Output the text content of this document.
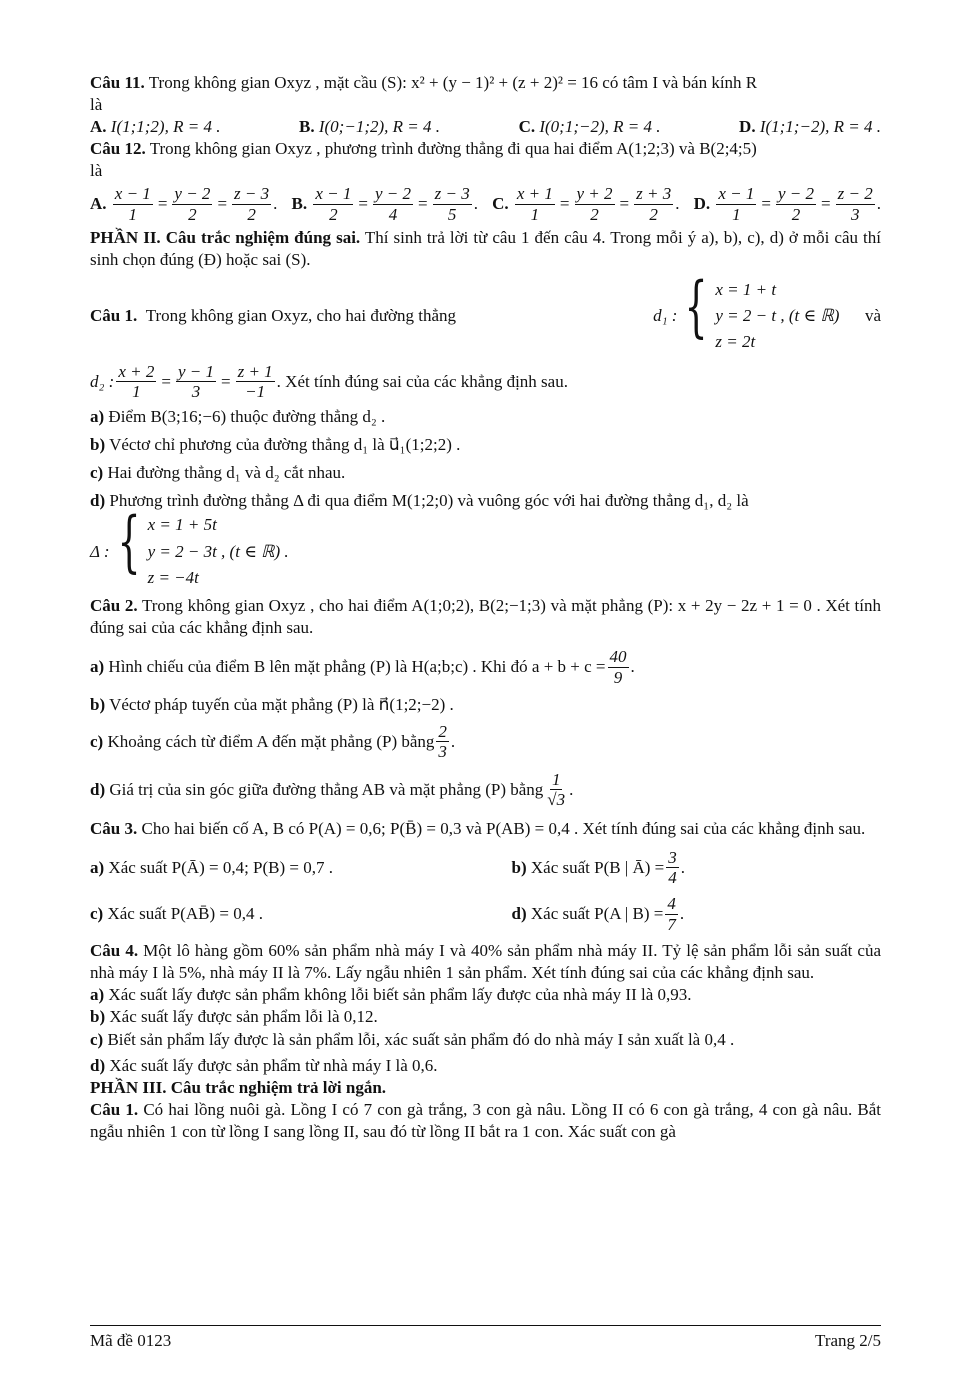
Câu 11. Trong không gian Oxyz , mặt cầu (S): x² + (y − 1)² + (z + 2)² = 16 có tâm I và bán kính R

là

A. I(1;1;2), R = 4 .	B. I(0;−1;2), R = 4 .	C. I(0;1;−2), R = 4 .	D. I(1;1;−2), R = 4 .

Câu 12. Trong không gian Oxyz , phương trình đường thẳng đi qua hai điểm A(1;2;3) và B(2;4;5)

là

A.
$\frac{x - 1}{1} = \frac{y - 2}{2} = \frac{z - 3}{2}$ . B.
$\frac{x - 1}{2} = \frac{y - 2}{4} = \frac{z - 3}{5}$ . C.
$\frac{x + 1}{1} = \frac{y + 2}{2} = \frac{z + 3}{2}$ . D.
$\frac{x - 1}{1} = \frac{y - 2}{2} = \frac{z - 2}{3}$ .

PHẦN II. Câu trắc nghiệm đúng sai. Thí sinh trả lời từ câu 1 đến câu 4. Trong mỗi ý a), b), c), d) ở mỗi câu thí sinh chọn đúng (Đ) hoặc sai (S).

Câu 1. Trong không gian Oxyz, cho hai đường thẳng	d₁ : { x = 1 + t
y = 2 − t , (t ∈ ℝ)
z = 2t

và
d₂ : $\frac{x + 2}{1} = \frac{y - 1}{3} = \frac{z + 1}{-1}$ . Xét tính đúng sai của các khẳng định sau.

a) Điểm B(3;16;−6) thuộc đường thẳng d₂ .

b) Véctơ chỉ phương của đường thẳng d₁ là u⃗₁(1;2;2) .

c) Hai đường thẳng d₁ và d₂ cắt nhau.

d) Phương trình đường thẳng Δ đi qua điểm M(1;2;0) và vuông góc với hai đường thẳng d₁, d₂ là

Δ : { x = 1 + 5t
y = 2 − 3t , (t ∈ ℝ) .
z = −4t

Câu 2. Trong không gian Oxyz , cho hai điểm A(1;0;2), B(2;−1;3) và mặt phẳng (P): x + 2y − 2z + 1 = 0 . Xét tính đúng sai của các khẳng định sau.

a)
Hình chiếu của điểm B lên mặt phẳng (P) là H(a;b;c) . Khi đó $a + b + c = \frac{40}{9}$ .

b) Véctơ pháp tuyến của mặt phẳng (P) là n⃗(1;2;−2) .

c)
Khoảng cách từ điểm A đến mặt phẳng (P) bằng $\frac{2}{3}$ .
d)
Giá trị của sin góc giữa đường thẳng AB và mặt phẳng (P) bằng $\frac{1}{√3}$ .

Câu 3. Cho hai biến cố A, B có P(A) = 0,6; P(B̄) = 0,3 và P(AB) = 0,4 . Xét tính đúng sai của các khẳng định sau.

a)
Xác suất P(Ā) = 0,4; P(B) = 0,7 .	b)
Xác suất P(B | Ā) = $\frac{3}{4}$ .
c)
Xác suất P(AB̄) = 0,4 .	d)
Xác suất P(A | $B) = \frac{4}{7}$ .

Câu 4. Một lô hàng gồm 60% sản phẩm nhà máy I và 40% sản phẩm nhà máy II. Tỷ lệ sản phẩm lỗi sản suất của nhà máy I là 5%, nhà máy II là 7%. Lấy ngẫu nhiên 1 sản phẩm. Xét tính đúng sai của các khẳng định sau.

a) Xác suất lấy được sản phẩm không lỗi biết sản phẩm lấy được của nhà máy II là 0,93.

b) Xác suất lấy được sản phẩm lỗi là 0,12.

c) Biết sản phẩm lấy được là sản phẩm lỗi, xác suất sản phẩm đó do nhà máy I sản xuất là 0,4 .

d) Xác suất lấy được sản phẩm từ nhà máy I là 0,6.

PHẦN III. Câu trắc nghiệm trả lời ngắn.

Câu 1. Có hai lồng nuôi gà. Lồng I có 7 con gà trắng, 3 con gà nâu. Lồng II có 6 con gà trắng, 4 con gà nâu. Bắt ngẫu nhiên 1 con từ lồng I sang lồng II, sau đó từ lồng II bắt ra 1 con. Xác suất con gà

Mã đề 0123	Trang 2/5
